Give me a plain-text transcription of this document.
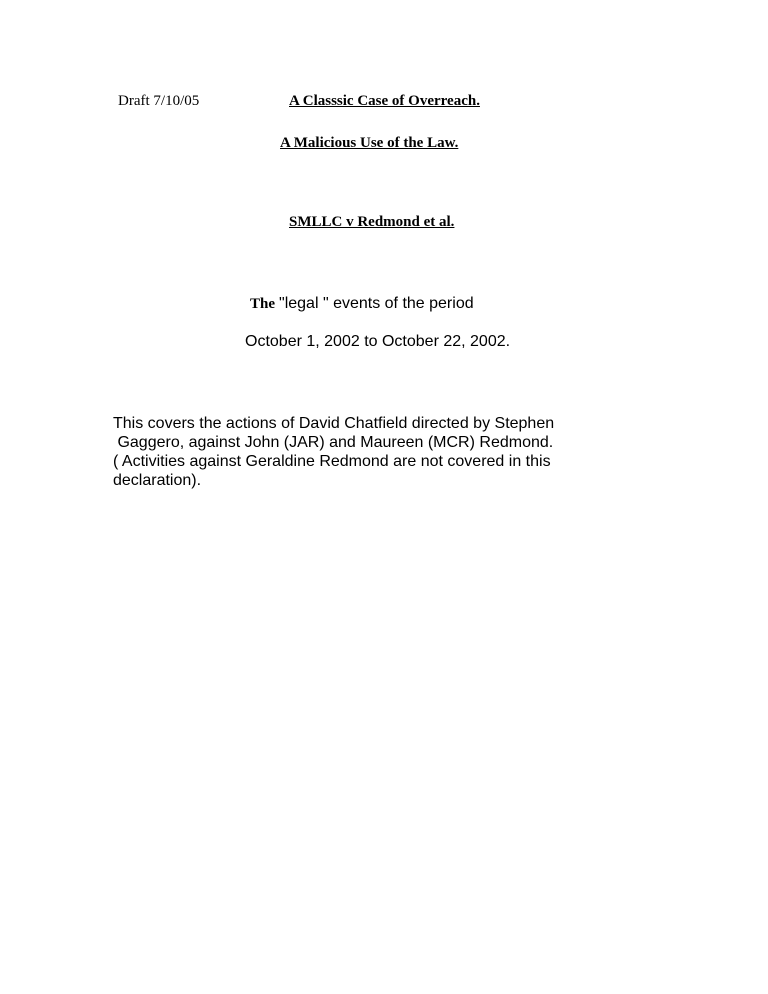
Draft 7/10/05	A Classsic Case of Overreach.
A Malicious Use of the Law.
SMLLC v Redmond et al.
The "legal " events of the period
October 1, 2002 to October 22, 2002.
This covers the actions of David Chatfield directed by Stephen
Gaggero, against John (JAR) and Maureen (MCR) Redmond.
( Activities against Geraldine Redmond are not covered in this
declaration).
